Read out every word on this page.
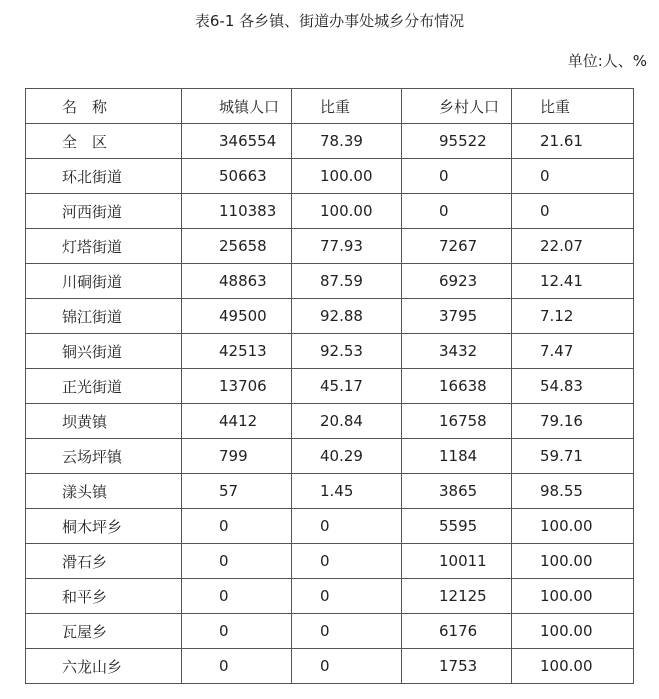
表6-1 各乡镇、街道办事处城乡分布情况
单位:人、%
名　称	城镇人口	比重	乡村人口	比重
全　区	346554	78.39	95522	21.61
环北街道	50663	100.00	0	0
河西街道	110383	100.00	0	0
灯塔街道	25658	77.93	7267	22.07
川硐街道	48863	87.59	6923	12.41
锦江街道	49500	92.88	3795	7.12
铜兴街道	42513	92.53	3432	7.47
正光街道	13706	45.17	16638	54.83
坝黄镇	4412	20.84	16758	79.16
云场坪镇	799	40.29	1184	59.71
漾头镇	57	1.45	3865	98.55
桐木坪乡	0	0	5595	100.00
滑石乡	0	0	10011	100.00
和平乡	0	0	12125	100.00
瓦屋乡	0	0	6176	100.00
六龙山乡	0	0	1753	100.00
